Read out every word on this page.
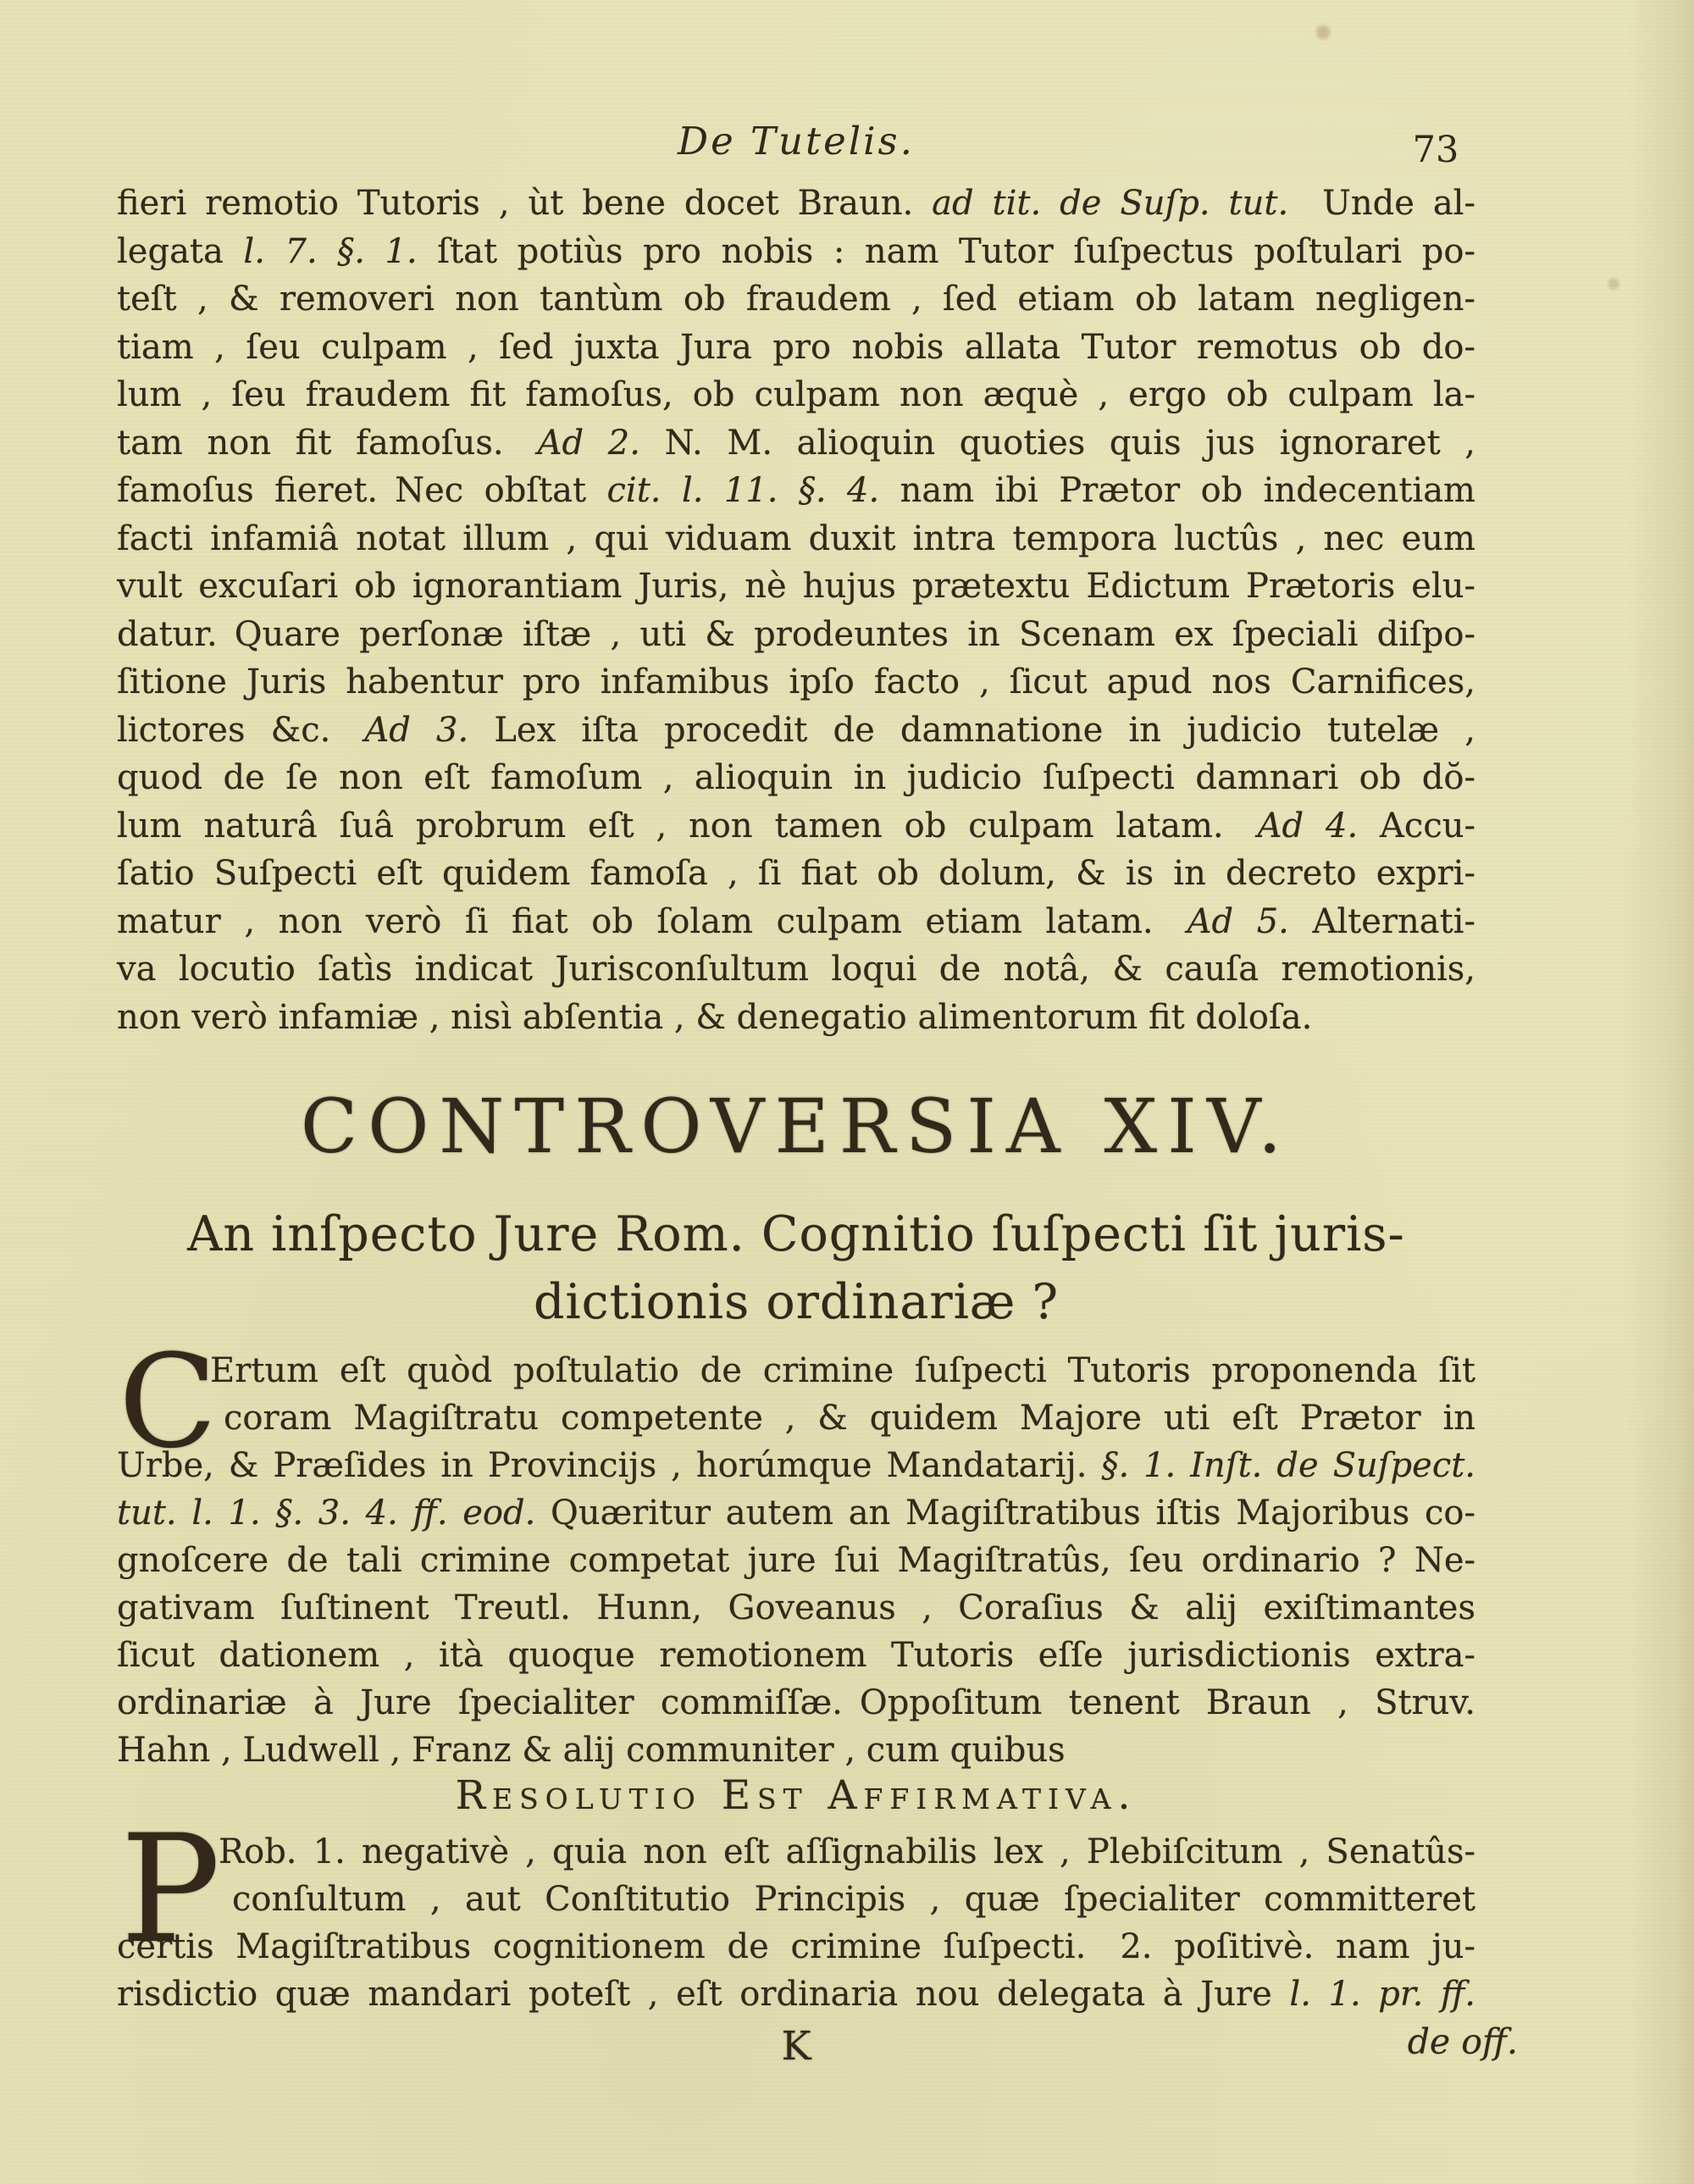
De Tutelis.	73
fieri remotio Tutoris , ùt bene docet Braun. ad tit. de Suſp. tut. Unde al-
legata l. 7. §. 1. ſtat potiùs pro nobis : nam Tutor ſuſpectus poſtulari po-
teſt , & removeri non tantùm ob fraudem , ſed etiam ob latam negligen-
tiam , ſeu culpam , ſed juxta Jura pro nobis allata Tutor remotus ob do-
lum , ſeu fraudem fit famoſus, ob culpam non æquè , ergo ob culpam la-
tam non fit famoſus. Ad 2. N. M. alioquin quoties quis jus ignoraret ,
famoſus fieret. Nec obſtat cit. l. 11. §. 4. nam ibi Prætor ob indecentiam
facti infamiâ notat illum , qui viduam duxit intra tempora luctûs , nec eum
vult excuſari ob ignorantiam Juris, nè hujus prætextu Edictum Prætoris elu-
datur. Quare perſonæ iſtæ , uti & prodeuntes in Scenam ex ſpeciali diſpo-
ſitione Juris habentur pro infamibus ipſo facto , ſicut apud nos Carnifices,
lictores &c. Ad 3. Lex iſta procedit de damnatione in judicio tutelæ ,
quod de ſe non eſt famoſum , alioquin in judicio ſuſpecti damnari ob dŏ-
lum naturâ ſuâ probrum eſt , non tamen ob culpam latam. Ad 4. Accu-
ſatio Suſpecti eſt quidem famoſa , ſi fiat ob dolum, & is in decreto expri-
matur , non verò ſi fiat ob ſolam culpam etiam latam. Ad 5. Alternati-
va locutio ſatìs indicat Jurisconſultum loqui de notâ, & cauſa remotionis,
non verò infamiæ , nisì abſentia , & denegatio alimentorum fit doloſa.
CONTROVERSIA XIV.
An inſpecto Jure Rom. Cognitio ſuſpecti ſit juris-
dictionis ordinariæ ?
C
Ertum eſt quòd poſtulatio de crimine ſuſpecti Tutoris proponenda ſit
coram Magiſtratu competente , & quidem Majore uti eſt Prætor in
Urbe, & Præſides in Provincijs , horúmque Mandatarij. §. 1. Inſt. de Suſpect.
tut. l. 1. §. 3. 4. ff. eod. Quæritur autem an Magiſtratibus iſtis Majoribus co-
gnoſcere de tali crimine competat jure ſui Magiſtratûs, ſeu ordinario ? Ne-
gativam ſuſtinent Treutl. Hunn, Goveanus , Coraſius & alij exiſtimantes
ſicut dationem , ità quoque remotionem Tutoris eſſe jurisdictionis extra-
ordinariæ à Jure ſpecialiter commiſſæ. Oppoſitum tenent Braun , Struv.
Hahn , Ludwell , Franz & alij communiter , cum quibus
Resolutio Est Affirmativa.
P
Rob. 1. negativè , quia non eſt aſſignabilis lex , Plebiſcitum , Senatûs-
conſultum , aut Conſtitutio Principis , quæ ſpecialiter committeret
certis Magiſtratibus cognitionem de crimine ſuſpecti. 2. poſitivè. nam ju-
risdictio quæ mandari poteſt , eſt ordinaria nou delegata à Jure l. 1. pr. ff.
K	de off.
